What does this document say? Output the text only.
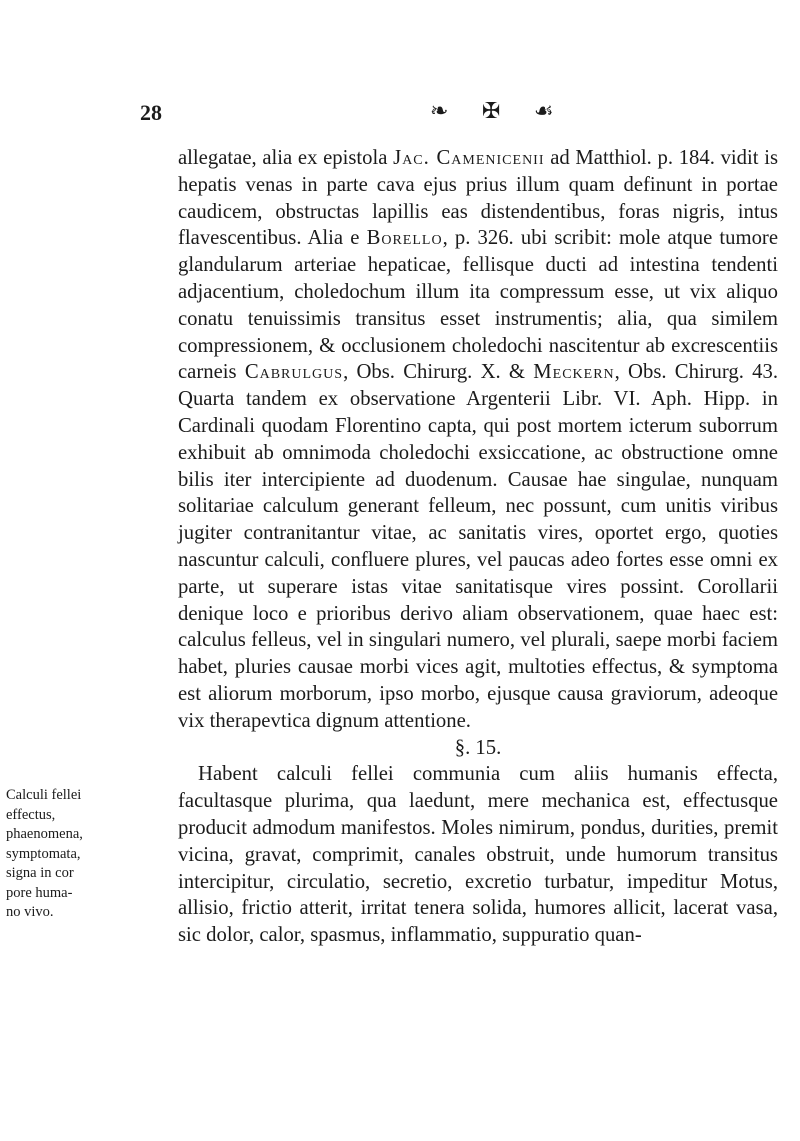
28	❧ ✠ ☙

allegatae, alia ex epistola Jac. Camenicenii ad Matthiol. p. 184. vidit is hepatis venas in parte cava ejus prius illum quam definunt in portae caudicem, obstructas lapillis eas distendentibus, foras nigris, intus flavescentibus. Alia e Borello, p. 326. ubi scribit: mole atque tumore glandularum arteriae hepaticae, fellisque ducti ad intestina tendenti adjacentium, choledochum illum ita compressum esse, ut vix aliquo conatu tenuissimis transitus esset instrumentis; alia, qua similem compressionem, & occlusionem choledochi nascitentur ab excrescentiis carneis Cabrulgus, Obs. Chirurg. X. & Meckern, Obs. Chirurg. 43. Quarta tandem ex observatione Argenterii Libr. VI. Aph. Hipp. in Cardinali quodam Florentino capta, qui post mortem icterum suborrum exhibuit ab omnimoda choledochi exsiccatione, ac obstructione omne bilis iter intercipiente ad duodenum. Causae hae singulae, nunquam solitariae calculum generant felleum, nec possunt, cum unitis viribus jugiter contranitantur vitae, ac sanitatis vires, oportet ergo, quoties nascuntur calculi, confluere plures, vel paucas adeo fortes esse omni ex parte, ut superare istas vitae sanitatisque vires possint. Corollarii denique loco e prioribus derivo aliam observationem, quae haec est: calculus felleus, vel in singulari numero, vel plurali, saepe morbi faciem habet, pluries causae morbi vices agit, multoties effectus, & symptoma est aliorum morborum, ipso morbo, ejusque causa graviorum, adeoque vix therapevtica dignum attentione.

§. 15.

Habent calculi fellei communia cum aliis humanis effecta, facultasque plurima, qua laedunt, mere mechanica est, effectusque producit admodum manifestos. Moles nimirum, pondus, durities, premit vicina, gravat, comprimit, canales obstruit, unde humorum transitus intercipitur, circulatio, secretio, excretio turbatur, impeditur Motus, allisio, frictio atterit, irritat tenera solida, humores allicit, lacerat vasa, sic dolor, calor, spasmus, inflammatio, suppuratio quan-

Calculi fellei
effectus,
phaenomena,
symptomata,
signa in cor
pore huma-
no vivo.
